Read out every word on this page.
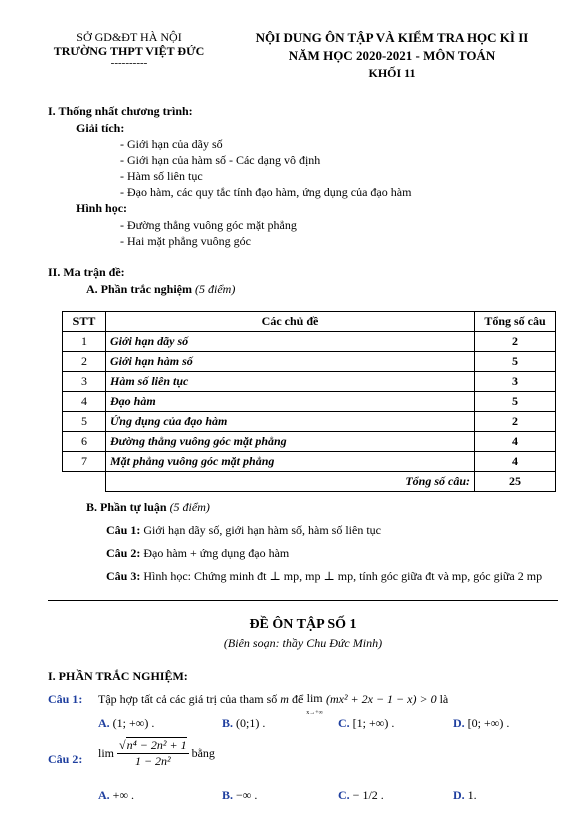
SỞ GD&ĐT HÀ NỘI
TRƯỜNG THPT VIỆT ĐỨC
----------
NỘI DUNG ÔN TẬP VÀ KIỂM TRA HỌC KÌ II
NĂM HỌC 2020-2021 - MÔN TOÁN
KHỐI 11
I. Thống nhất chương trình:
Giải tích:
- Giới hạn của dãy số
- Giới hạn của hàm số - Các dạng vô định
- Hàm số liên tục
- Đạo hàm, các quy tắc tính đạo hàm, ứng dụng của đạo hàm
Hình học:
- Đường thẳng vuông góc mặt phẳng
- Hai mặt phẳng vuông góc
II. Ma trận đề:
A. Phần trắc nghiệm (5 điểm)
STT	Các chủ đề	Tổng số câu
1	Giới hạn dãy số	2
2	Giới hạn hàm số	5
3	Hàm số liên tục	3
4	Đạo hàm	5
5	Ứng dụng của đạo hàm	2
6	Đường thẳng vuông góc mặt phẳng	4
7	Mặt phẳng vuông góc mặt phẳng	4
	Tổng số câu:	25
B. Phần tự luận (5 điểm)
Câu 1: Giới hạn dãy số, giới hạn hàm số, hàm số liên tục
Câu 2: Đạo hàm + ứng dụng đạo hàm
Câu 3: Hình học: Chứng minh đt ⊥ mp, mp ⊥ mp, tính góc giữa đt và mp, góc giữa 2 mp
ĐỀ ÔN TẬP SỐ 1
(Biên soạn: thầy Chu Đức Minh)
I. PHẦN TRẮC NGHIỆM:
Câu 1: Tập hợp tất cả các giá trị của tham số m để lim
x→+∞ (mx² + 2x − 1 − x) > 0 là
A. (1; +∞) .	B. (0;1) .	C. [1; +∞) .	D. [0; +∞) .
Câu 2: $\lim \frac{\text{√n⁴ − 2n² + 1}}{\text{1 − 2n²}}$ bằng
A. +∞ .	B. −∞ .	C. − 1/2 .	D. 1.
